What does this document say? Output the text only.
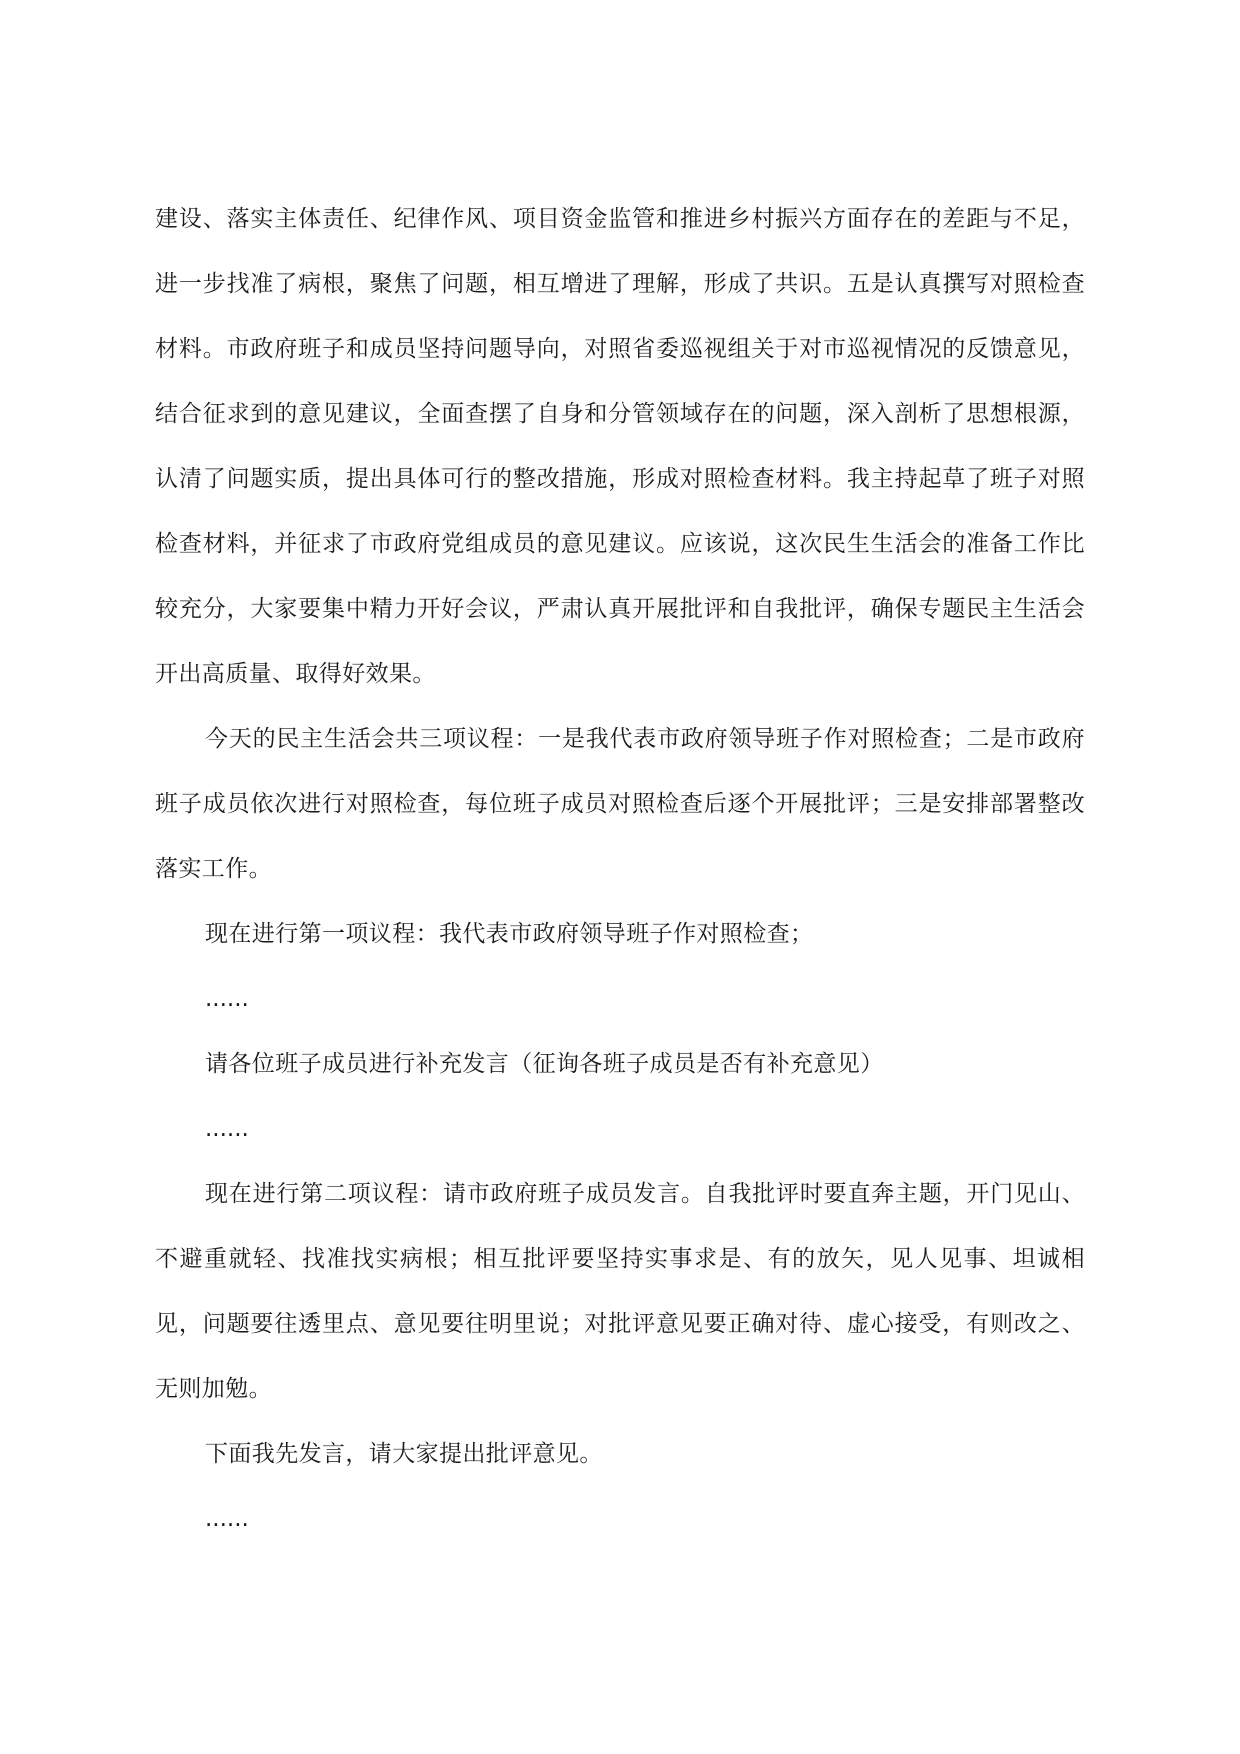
建设、落实主体责任、纪律作风、项目资金监管和推进乡村振兴方面存在的差距与不足，进一步找准了病根，聚焦了问题，相互增进了理解，形成了共识。五是认真撰写对照检查材料。市政府班子和成员坚持问题导向，对照省委巡视组关于对市巡视情况的反馈意见，结合征求到的意见建议，全面查摆了自身和分管领域存在的问题，深入剖析了思想根源，认清了问题实质，提出具体可行的整改措施，形成对照检查材料。我主持起草了班子对照检查材料，并征求了市政府党组成员的意见建议。应该说，这次民生生活会的准备工作比较充分，大家要集中精力开好会议，严肃认真开展批评和自我批评，确保专题民主生活会开出高质量、取得好效果。

今天的民主生活会共三项议程：一是我代表市政府领导班子作对照检查；二是市政府班子成员依次进行对照检查，每位班子成员对照检查后逐个开展批评；三是安排部署整改落实工作。

现在进行第一项议程：我代表市政府领导班子作对照检查；

......

请各位班子成员进行补充发言（征询各班子成员是否有补充意见）

......

现在进行第二项议程：请市政府班子成员发言。自我批评时要直奔主题，开门见山、不避重就轻、找准找实病根；相互批评要坚持实事求是、有的放矢，见人见事、坦诚相见，问题要往透里点、意见要往明里说；对批评意见要正确对待、虚心接受，有则改之、无则加勉。

下面我先发言，请大家提出批评意见。

......
